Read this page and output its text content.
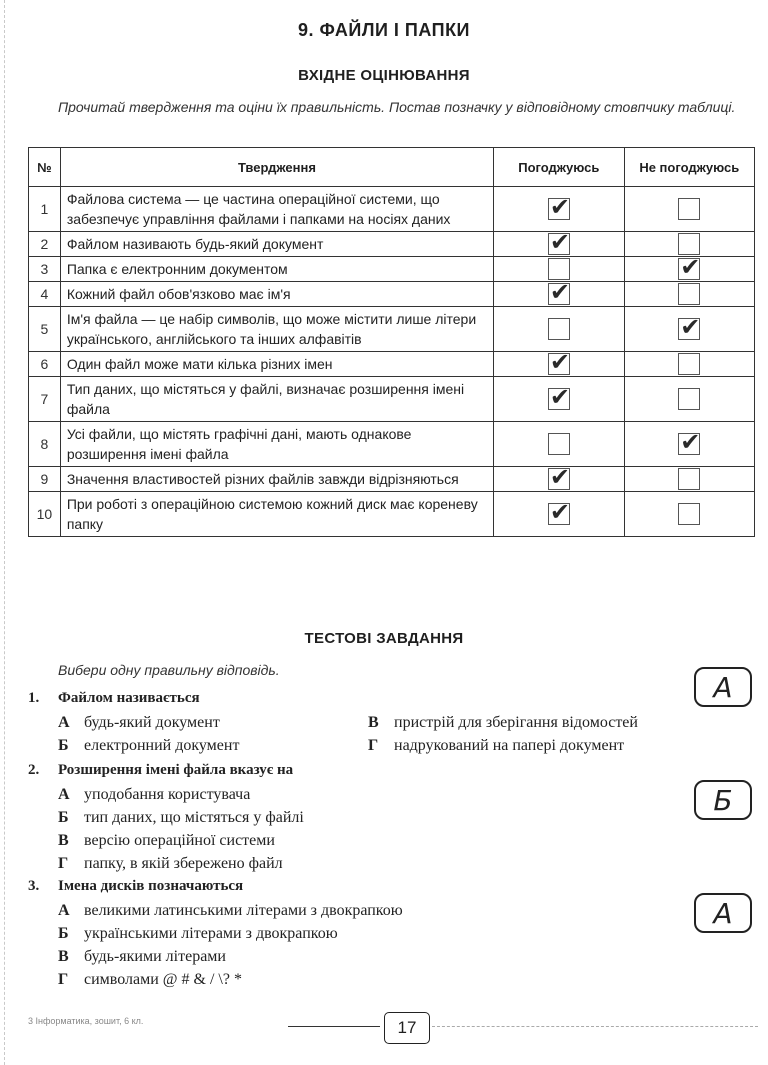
9. ФАЙЛИ І ПАПКИ
ВХІДНЕ ОЦІНЮВАННЯ
Прочитай твердження та оціни їх правильність. Постав позначку у відповідному стовпчику таблиці.
№	Твердження	Погоджуюсь	Не погоджуюсь
1	Файлова система — це частина операційної системи, що забезпечує управління файлами і папками на носіях даних	✔	
2	Файлом називають будь-який документ	✔	
3	Папка є електронним документом		✔
4	Кожний файл обов'язково має ім'я	✔	
5	Ім'я файла — це набір символів, що може містити лише літери українського, англійського та інших алфавітів		✔
6	Один файл може мати кілька різних імен	✔	
7	Тип даних, що містяться у файлі, визначає розширення імені файла	✔	
8	Усі файли, що містять графічні дані, мають однакове розширення імені файла		✔
9	Значення властивостей різних файлів завжди відрізняються	✔	
10	При роботі з операційною системою кожний диск має кореневу папку	✔	
ТЕСТОВІ ЗАВДАННЯ
Вибери одну правильну відповідь.
1. Файлом називається
А будь-який документ	В пристрій для зберігання відомостей
Б електронний документ	Г надрукований на папері документ
А
2. Розширення імені файла вказує на
А уподобання користувача
Б тип даних, що містяться у файлі
В версію операційної системи
Г папку, в якій збережено файл
Б
3. Імена дисків позначаються
А великими латинськими літерами з двокрапкою
Б українськими літерами з двокрапкою
В будь-якими літерами
Г символами @ # & / \? *
А
3 Інформатика, зошит, 6 кл.	17
